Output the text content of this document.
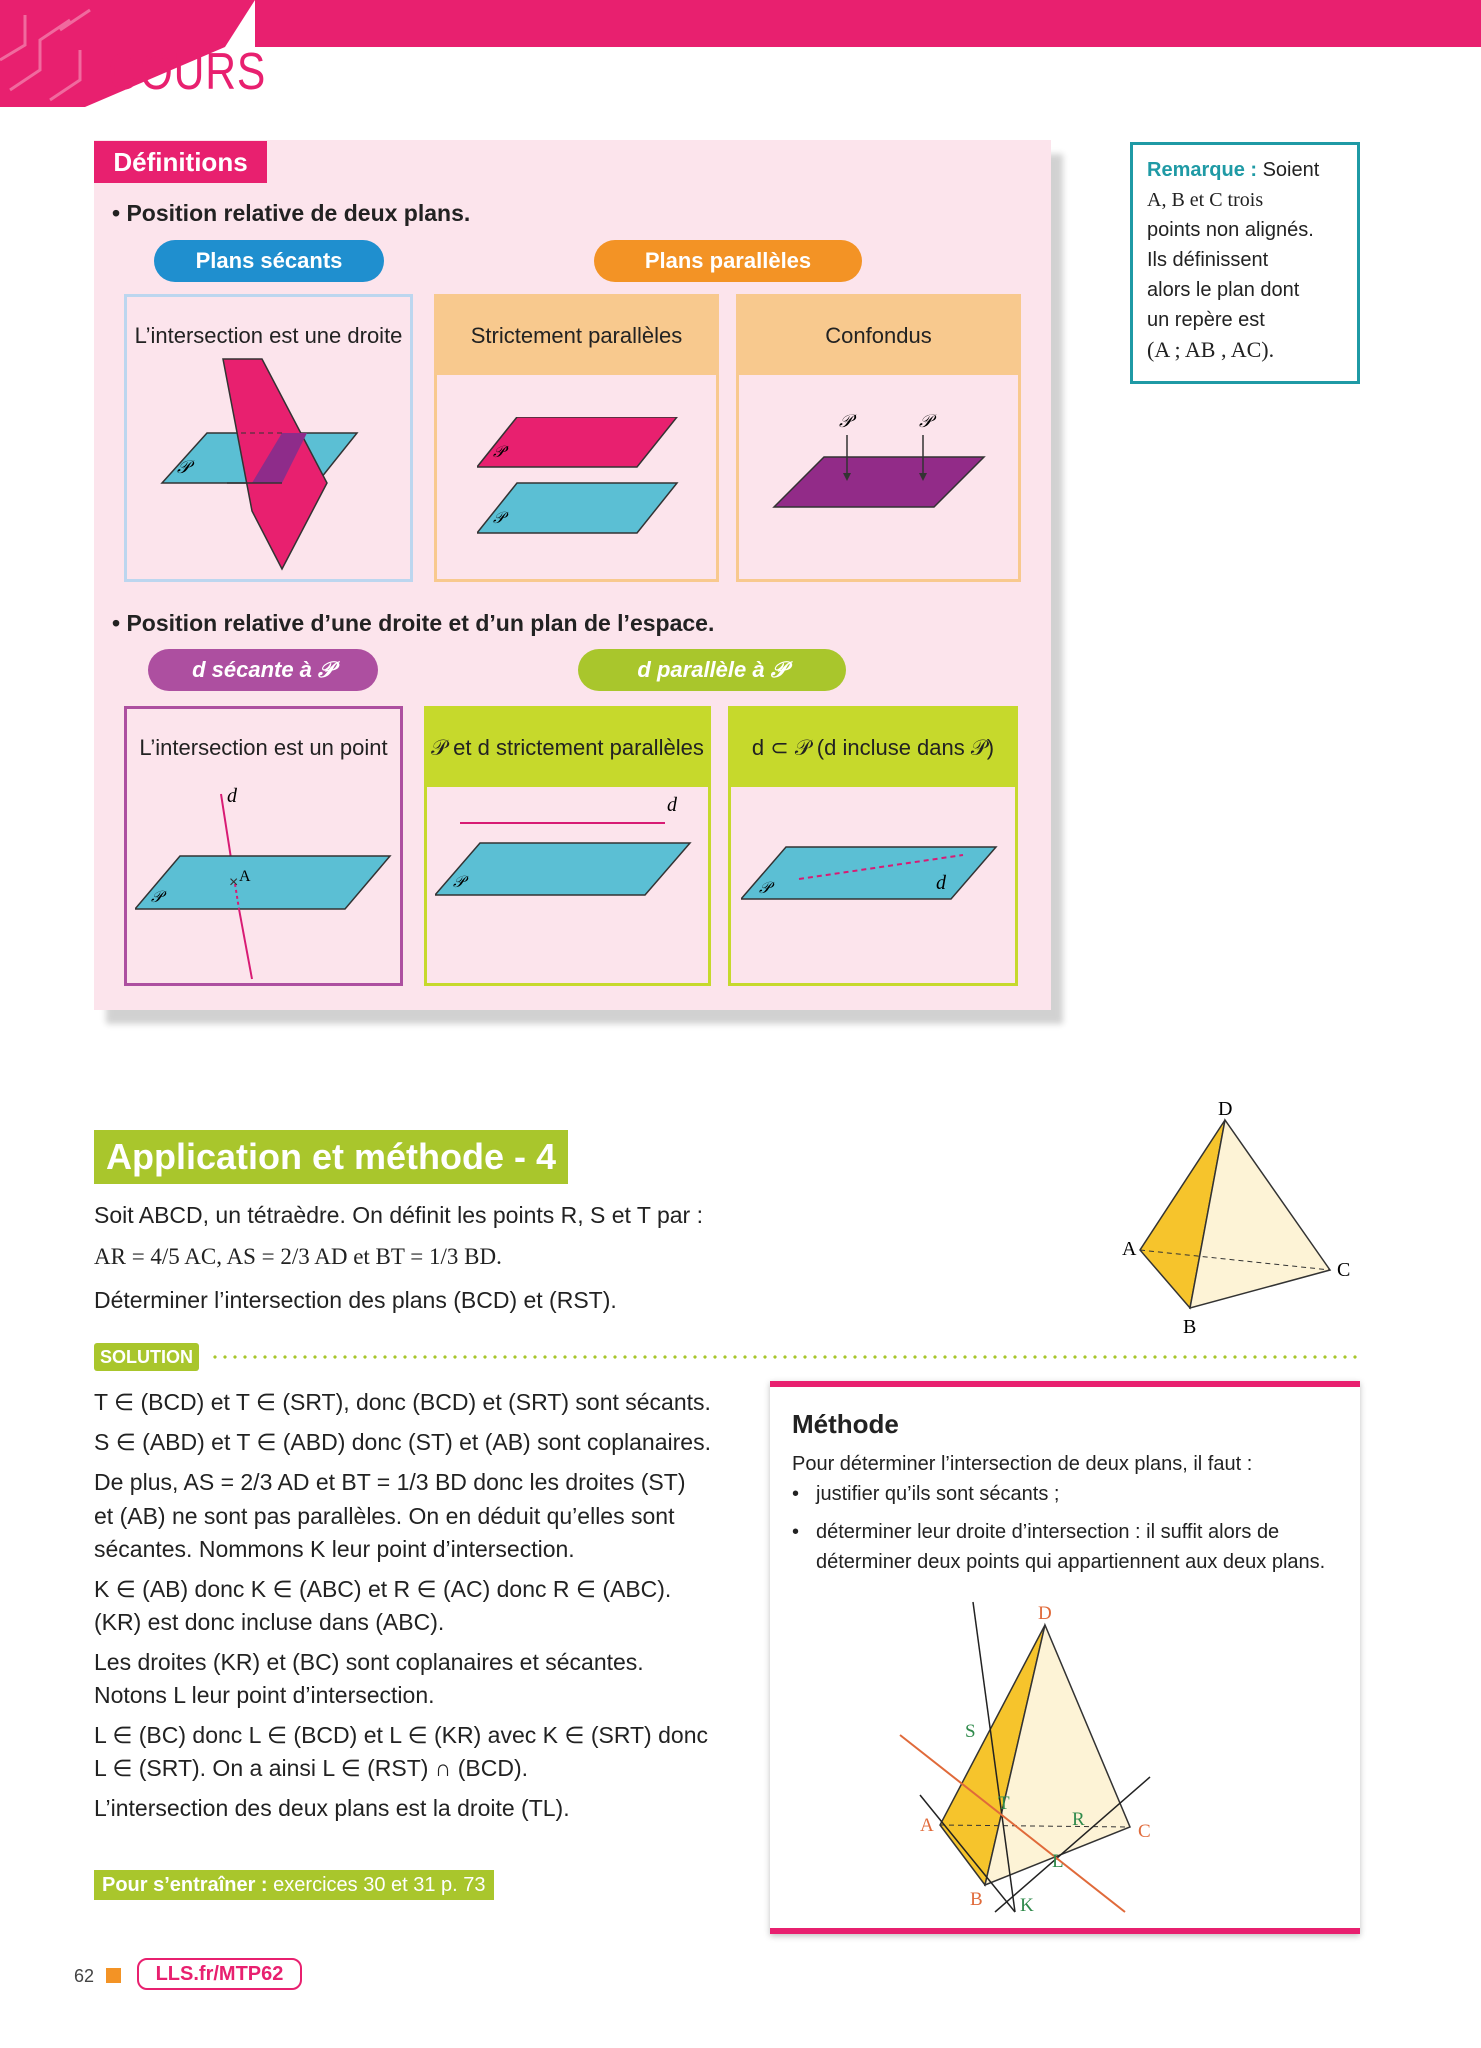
COURS
Définitions
• Position relative de deux plans.
Plans sécants	Plans parallèles
L’intersection est une droite
𝒫
Strictement parallèles
𝒫'
𝒫
Confondus
𝒫'	𝒫
• Position relative d’une droite et d’un plan de l’espace.
d sécante à 𝒫	d parallèle à 𝒫
L’intersection est un point
d
A
×
𝒫
𝒫 et d strictement parallèles
d
𝒫
d ⊂ 𝒫 (d incluse dans 𝒫)
d
𝒫
Remarque : Soient
A, B et C trois
points non alignés.
Ils définissent
alors le plan dont
un repère est
(A ; AB , AC).
Application et méthode - 4
Soit ABCD, un tétraèdre. On définit les points R, S et T par :
AR = 4/5 AC, AS = 2/3 AD et BT = 1/3 BD.
Déterminer l’intersection des plans (BCD) et (RST).
D
A
B
C
SOLUTION
T ∈ (BCD) et T ∈ (SRT), donc (BCD) et (SRT) sont sécants.
S ∈ (ABD) et T ∈ (ABD) donc (ST) et (AB) sont coplanaires.
De plus, AS = 2/3 AD et BT = 1/3 BD donc les droites (ST)
et (AB) ne sont pas parallèles. On en déduit qu’elles sont
sécantes. Nommons K leur point d’intersection.
K ∈ (AB) donc K ∈ (ABC) et R ∈ (AC) donc R ∈ (ABC).
(KR) est donc incluse dans (ABC).
Les droites (KR) et (BC) sont coplanaires et sécantes.
Notons L leur point d’intersection.
L ∈ (BC) donc L ∈ (BCD) et L ∈ (KR) avec K ∈ (SRT) donc
L ∈ (SRT). On a ainsi L ∈ (RST) ∩ (BCD).
L’intersection des deux plans est la droite (TL).
Pour s’entraîner : exercices 30 et 31 p. 73
Méthode
Pour déterminer l’intersection de deux plans, il faut :
• justifier qu’ils sont sécants ;
• déterminer leur droite d’intersection : il suffit alors de
déterminer deux points qui appartiennent aux deux plans.
D
A
B
C
S
T
R
L
K
62	LLS.fr/MTP62
